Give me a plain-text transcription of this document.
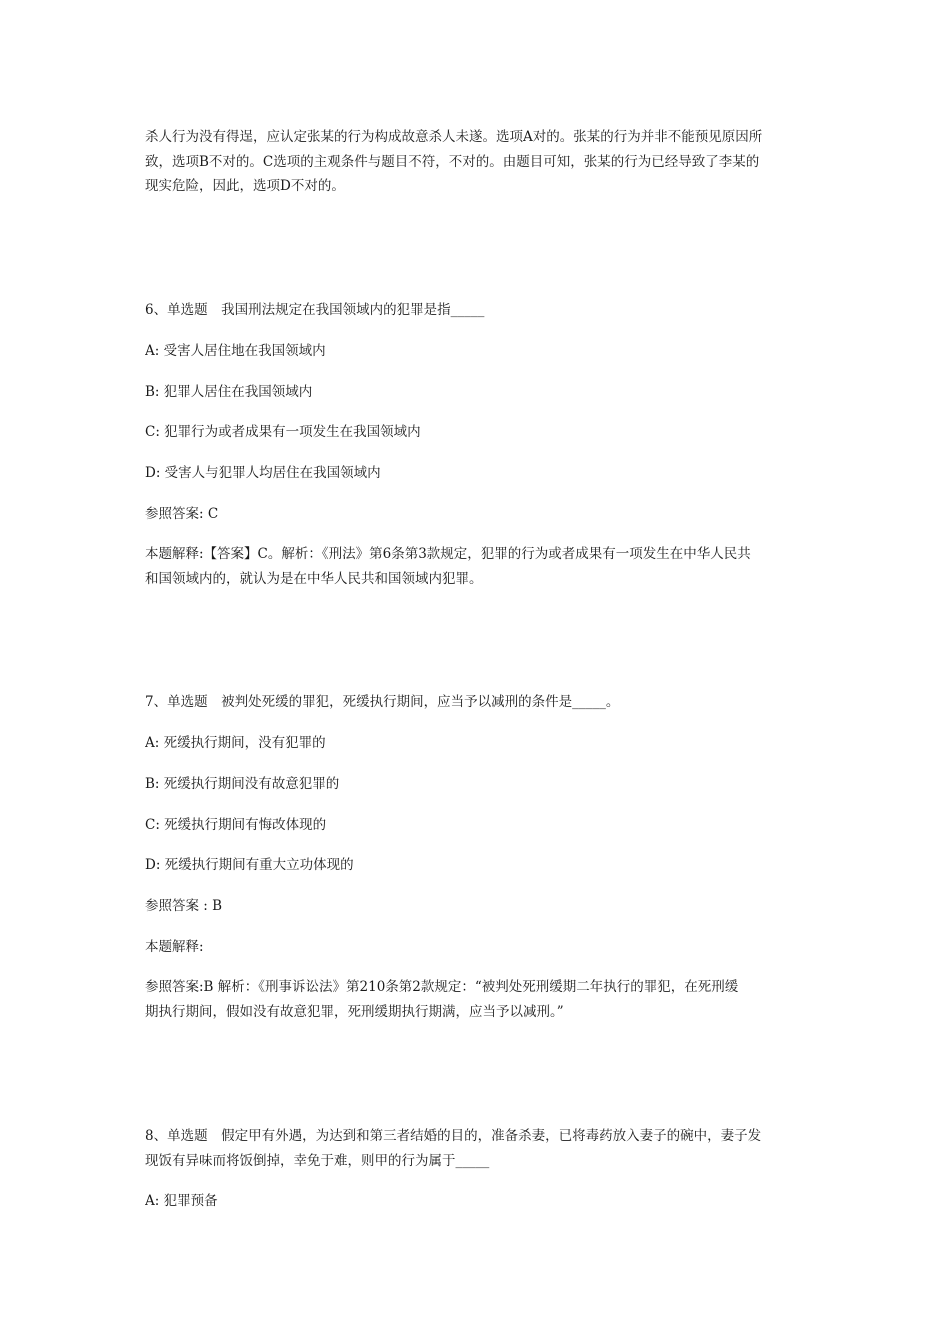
杀人行为没有得逞，应认定张某的行为构成故意杀人未遂。选项A对的。张某的行为并非不能预见原因所
致，选项B不对的。C选项的主观条件与题目不符，不对的。由题目可知，张某的行为已经导致了李某的
现实危险，因此，选项D不对的。
6、单选题　我国刑法规定在我国领域内的犯罪是指_____
A: 受害人居住地在我国领域内
B: 犯罪人居住在我国领域内
C: 犯罪行为或者成果有一项发生在我国领域内
D: 受害人与犯罪人均居住在我国领域内
参照答案: C
本题解释:【答案】C。解析：《刑法》第6条第3款规定，犯罪的行为或者成果有一项发生在中华人民共
和国领域内的，就认为是在中华人民共和国领域内犯罪。
7、单选题　被判处死缓的罪犯，死缓执行期间，应当予以减刑的条件是_____。
A: 死缓执行期间，没有犯罪的
B: 死缓执行期间没有故意犯罪的
C: 死缓执行期间有悔改体现的
D: 死缓执行期间有重大立功体现的
参照答案 : B
本题解释:
参照答案:B 解析：《刑事诉讼法》第210条第2款规定：“被判处死刑缓期二年执行的罪犯，在死刑缓
期执行期间，假如没有故意犯罪，死刑缓期执行期满，应当予以减刑。”
8、单选题　假定甲有外遇，为达到和第三者结婚的目的，准备杀妻，已将毒药放入妻子的碗中，妻子发
现饭有异味而将饭倒掉，幸免于难，则甲的行为属于_____
A: 犯罪预备
